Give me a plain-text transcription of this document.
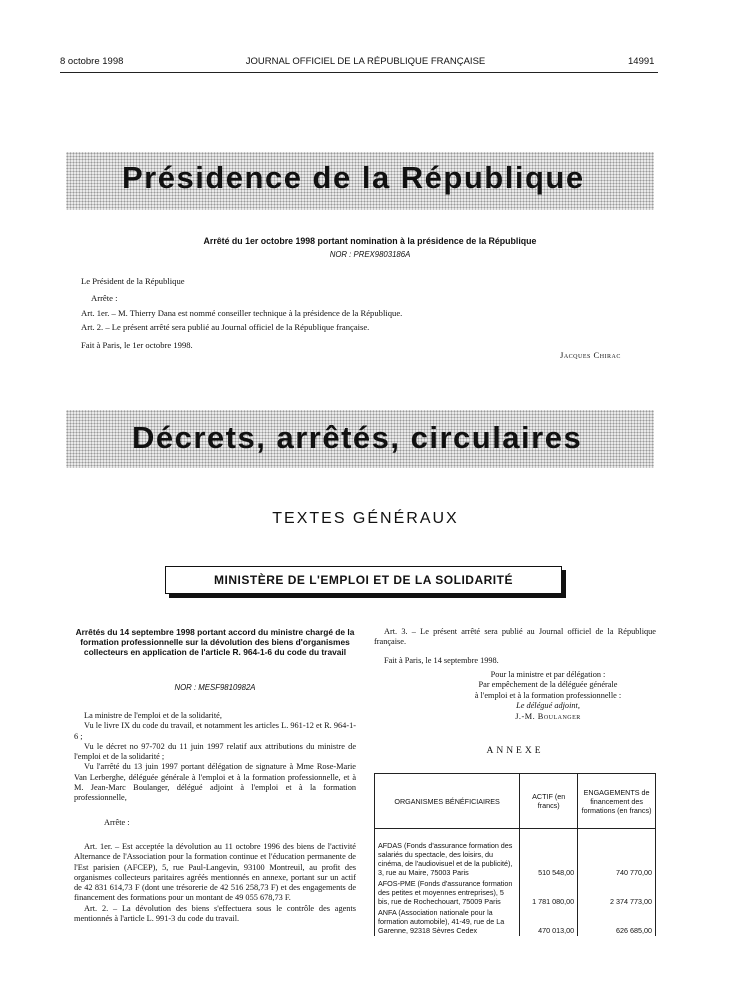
8 octobre 1998	JOURNAL OFFICIEL DE LA RÉPUBLIQUE FRANÇAISE	14991
Présidence de la République
Arrêté du 1er octobre 1998 portant nomination à la présidence de la République
NOR : PREX9803186A
Le Président de la République
Arrête :
Art. 1er. – M. Thierry Dana est nommé conseiller technique à la présidence de la République.
Art. 2. – Le présent arrêté sera publié au Journal officiel de la République française.
Fait à Paris, le 1er octobre 1998.
Jacques Chirac
Décrets, arrêtés, circulaires
TEXTES GÉNÉRAUX
MINISTÈRE DE L'EMPLOI ET DE LA SOLIDARITÉ
Arrêtés du 14 septembre 1998 portant accord du ministre chargé de la formation professionnelle sur la dévolution des biens d'organismes collecteurs en application de l'article R. 964-1-6 du code du travail
NOR : MESF9810982A

La ministre de l'emploi et de la solidarité,

Vu le livre IX du code du travail, et notamment les articles L. 961-12 et R. 964-1-6 ;

Vu le décret no 97-702 du 11 juin 1997 relatif aux attributions du ministre de l'emploi et de la solidarité ;

Vu l'arrêté du 13 juin 1997 portant délégation de signature à Mme Rose-Marie Van Lerberghe, déléguée générale à l'emploi et à la formation professionnelle, et à M. Jean-Marc Boulanger, délégué adjoint à l'emploi et à la formation professionnelle,

Arrête :

Art. 1er. – Est acceptée la dévolution au 11 octobre 1996 des biens de l'activité Alternance de l'Association pour la formation continue et l'éducation permanente de l'Est parisien (AFCEP), 5, rue Paul-Langevin, 93100 Montreuil, au profit des organismes collecteurs paritaires agréés mentionnés en annexe, portant sur un actif de 42 831 614,73 F (dont une trésorerie de 42 516 258,73 F) et des engagements de financement des formations pour un montant de 49 055 678,73 F.

Art. 2. – La dévolution des biens s'effectuera sous le contrôle des agents mentionnés à l'article L. 991-3 du code du travail.

Art. 3. – Le présent arrêté sera publié au Journal officiel de la République française.

Fait à Paris, le 14 septembre 1998.
Pour la ministre et par délégation :
Par empêchement de la déléguée générale
à l'emploi et à la formation professionnelle :
Le délégué adjoint,
J.-M. Boulanger
ANNEXE
ORGANISMES BÉNÉFICIAIRES	ACTIF (en francs)	ENGAGEMENTS de financement des formations (en francs)
AFDAS (Fonds d'assurance formation des salariés du spectacle, des loisirs, du cinéma, de l'audiovisuel et de la publicité), 3, rue au Maire, 75003 Paris	510 548,00	740 770,00
AFOS-PME (Fonds d'assurance formation des petites et moyennes entreprises), 5 bis, rue de Rochechouart, 75009 Paris	1 781 080,00	2 374 773,00
ANFA (Association nationale pour la formation automobile), 41-49, rue de La Garenne, 92318 Sèvres Cedex	470 013,00	626 685,00
